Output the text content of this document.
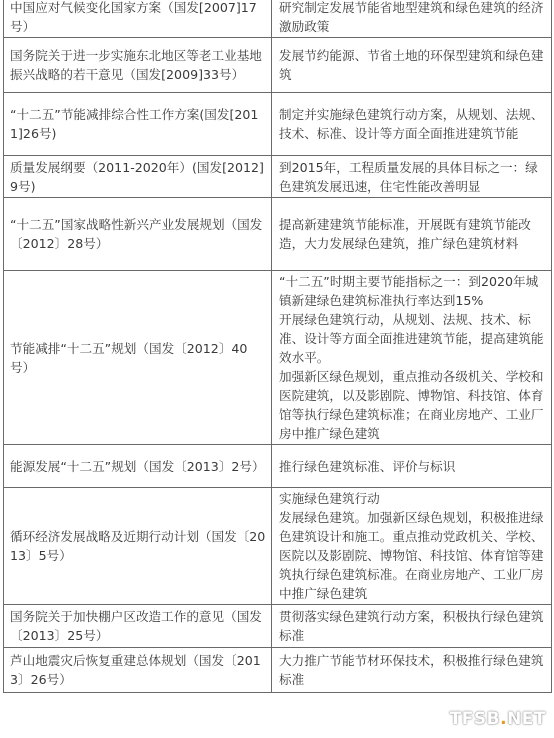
中国应对气候变化国家方案（国发[2007]17号）	研究制定发展节能省地型建筑和绿色建筑的经济激励政策

国务院关于进一步实施东北地区等老工业基地振兴战略的若干意见（国发[2009]33号）	发展节约能源、节省土地的环保型建筑和绿色建筑

“十二五”节能减排综合性工作方案(国发[2011]26号)	制定并实施绿色建筑行动方案，从规划、法规、技术、标准、设计等方面全面推进建筑节能

质量发展纲要（2011-2020年）(国发[2012]9号)	到2015年，工程质量发展的具体目标之一：绿色建筑发展迅速，住宅性能改善明显

“十二五”国家战略性新兴产业发展规划（国发〔2012〕28号）	提高新建建筑节能标准，开展既有建筑节能改造，大力发展绿色建筑，推广绿色建筑材料

节能减排“十二五”规划（国发〔2012〕40号）	“十二五”时期主要节能指标之一：到2020年城镇新建绿色建筑标准执行率达到15%
开展绿色建筑行动，从规划、法规、技术、标准、设计等方面全面推进建筑节能，提高建筑能效水平。
加强新区绿色规划，重点推动各级机关、学校和医院建筑，以及影剧院、博物馆、科技馆、体育馆等执行绿色建筑标准；在商业房地产、工业厂房中推广绿色建筑

能源发展“十二五”规划（国发〔2013〕2号）	推行绿色建筑标准、评价与标识

循环经济发展战略及近期行动计划（国发〔2013〕5号）	实施绿色建筑行动
发展绿色建筑。加强新区绿色规划，积极推进绿色建筑设计和施工。重点推动党政机关、学校、医院以及影剧院、博物馆、科技馆、体育馆等建筑执行绿色建筑标准。在商业房地产、工业厂房中推广绿色建筑

国务院关于加快棚户区改造工作的意见（国发〔2013〕25号）	贯彻落实绿色建筑行动方案，积极执行绿色建筑标准

芦山地震灾后恢复重建总体规划（国发〔2013〕26号）	大力推广节能节材环保技术，积极推行绿色建筑标准
TFSB.NET
